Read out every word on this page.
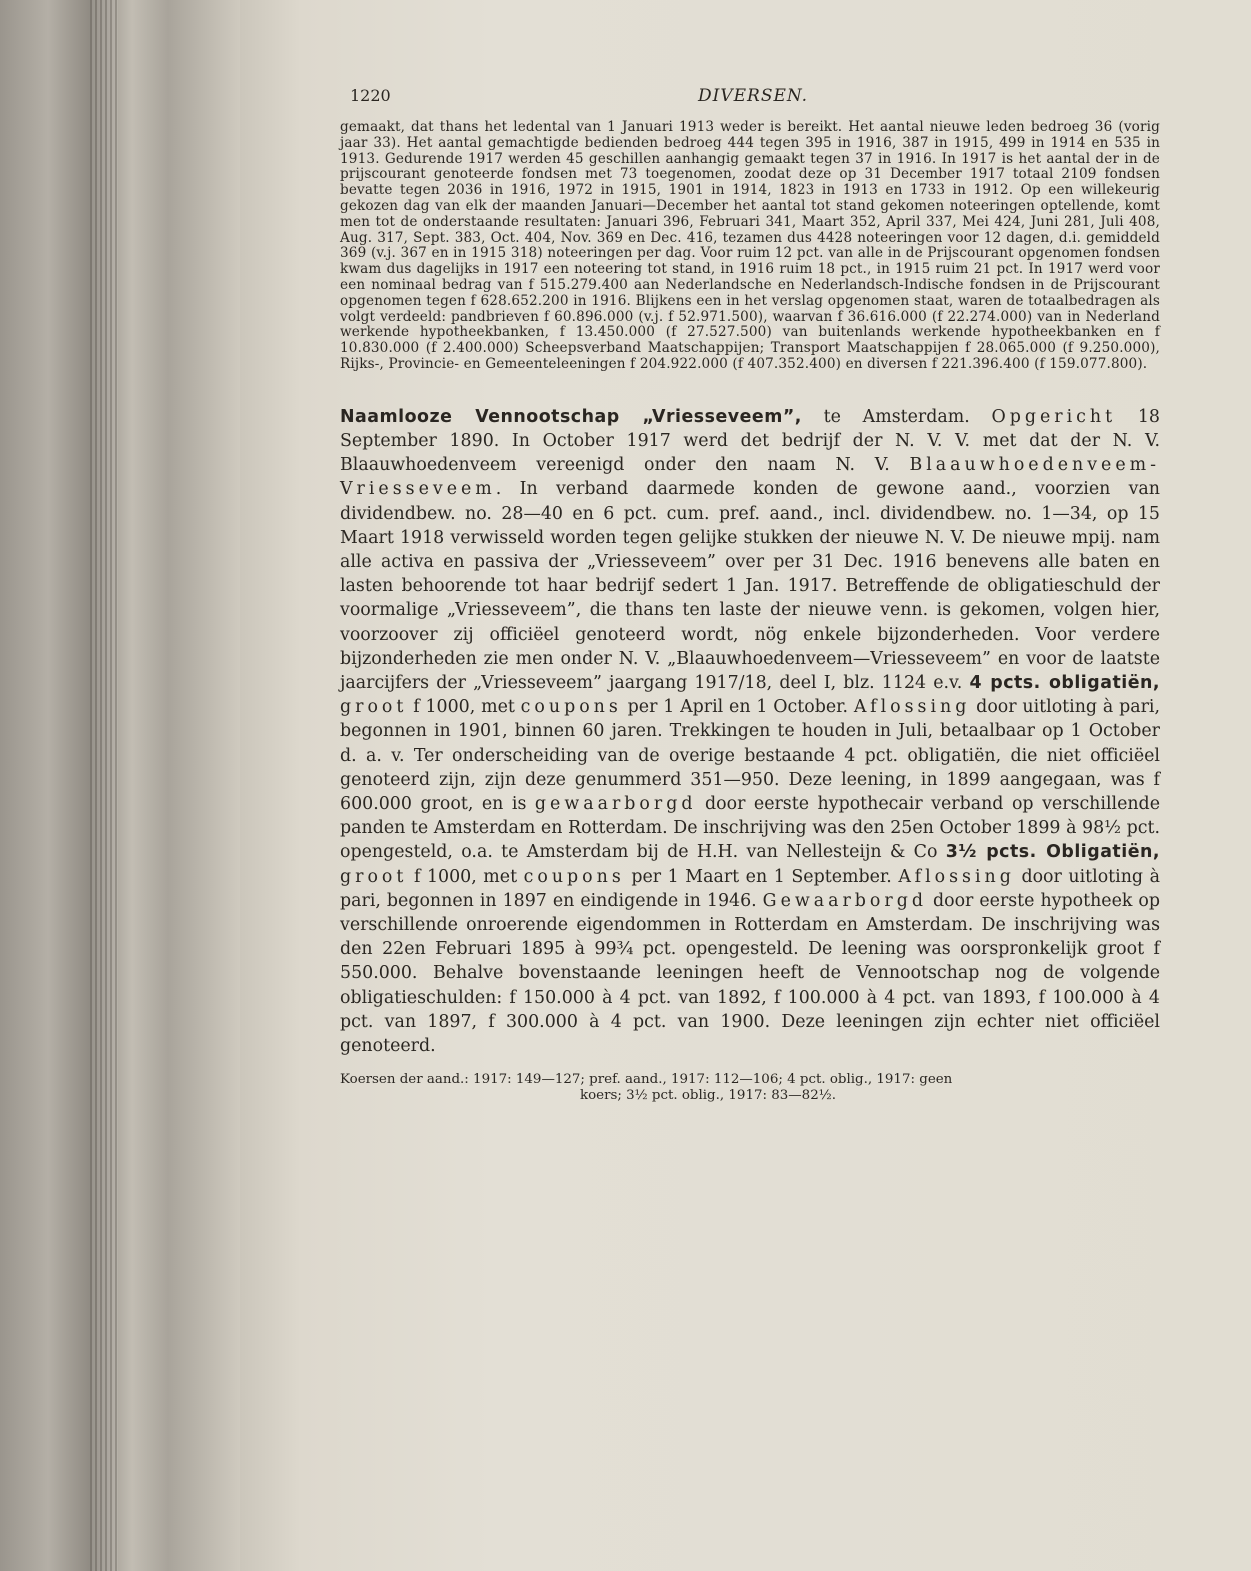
1220	DIVERSEN.

gemaakt, dat thans het ledental van 1 Januari 1913 weder is bereikt. Het aantal nieuwe leden bedroeg 36 (vorig jaar 33). Het aantal gemachtigde bedienden bedroeg 444 tegen 395 in 1916, 387 in 1915, 499 in 1914 en 535 in 1913. Gedurende 1917 werden 45 geschillen aanhangig gemaakt tegen 37 in 1916. In 1917 is het aantal der in de prijscourant genoteerde fondsen met 73 toegenomen, zoodat deze op 31 December 1917 totaal 2109 fondsen bevatte tegen 2036 in 1916, 1972 in 1915, 1901 in 1914, 1823 in 1913 en 1733 in 1912. Op een willekeurig gekozen dag van elk der maanden Januari—December het aantal tot stand gekomen noteeringen optellende, komt men tot de onderstaande resultaten: Januari 396, Februari 341, Maart 352, April 337, Mei 424, Juni 281, Juli 408, Aug. 317, Sept. 383, Oct. 404, Nov. 369 en Dec. 416, tezamen dus 4428 noteeringen voor 12 dagen, d.i. gemiddeld 369 (v.j. 367 en in 1915 318) noteeringen per dag. Voor ruim 12 pct. van alle in de Prijscourant opgenomen fondsen kwam dus dagelijks in 1917 een noteering tot stand, in 1916 ruim 18 pct., in 1915 ruim 21 pct. In 1917 werd voor een nominaal bedrag van f 515.279.400 aan Nederlandsche en Nederlandsch-Indische fondsen in de Prijscourant opgenomen tegen f 628.652.200 in 1916. Blijkens een in het verslag opgenomen staat, waren de totaalbedragen als volgt verdeeld: pandbrieven f 60.896.000 (v.j. f 52.971.500), waarvan f 36.616.000 (f 22.274.000) van in Nederland werkende hypotheekbanken, f 13.450.000 (f 27.527.500) van buitenlands werkende hypotheekbanken en f 10.830.000 (f 2.400.000) Scheepsverband Maatschappijen; Transport Maatschappijen f 28.065.000 (f 9.250.000), Rijks-, Provincie- en Gemeenteleeningen f 204.922.000 (f 407.352.400) en diversen f 221.396.400 (f 159.077.800).

Naamlooze Vennootschap „Vriesseveem”, te Amsterdam. Opgericht 18 September 1890. In October 1917 werd det bedrijf der N. V. V. met dat der N. V. Blaauwhoedenveem vereenigd onder den naam N. V. Blaauwhoedenveem-Vriesseveem. In verband daarmede konden de gewone aand., voorzien van dividendbew. no. 28—40 en 6 pct. cum. pref. aand., incl. dividendbew. no. 1—34, op 15 Maart 1918 verwisseld worden tegen gelijke stukken der nieuwe N. V. De nieuwe mpij. nam alle activa en passiva der „Vriesseveem” over per 31 Dec. 1916 benevens alle baten en lasten behoorende tot haar bedrijf sedert 1 Jan. 1917. Betreffende de obligatieschuld der voormalige „Vriesseveem”, die thans ten laste der nieuwe venn. is gekomen, volgen hier, voorzoover zij officiëel genoteerd wordt, nög enkele bijzonderheden. Voor verdere bijzonderheden zie men onder N. V. „Blaauwhoedenveem—Vriesseveem” en voor de laatste jaarcijfers der „Vriesseveem” jaargang 1917/18, deel I, blz. 1124 e.v. 4 pcts. obligatiën, groot f 1000, met coupons per 1 April en 1 October. Aflossing door uitloting à pari, begonnen in 1901, binnen 60 jaren. Trekkingen te houden in Juli, betaalbaar op 1 October d. a. v. Ter onderscheiding van de overige bestaande 4 pct. obligatiën, die niet officiëel genoteerd zijn, zijn deze genummerd 351—950. Deze leening, in 1899 aangegaan, was f 600.000 groot, en is gewaarborgd door eerste hypothecair verband op verschillende panden te Amsterdam en Rotterdam. De inschrijving was den 25en October 1899 à 98½ pct. opengesteld, o.a. te Amsterdam bij de H.H. van Nellesteijn & Co 3½ pcts. Obligatiën, groot f 1000, met coupons per 1 Maart en 1 September. Aflossing door uitloting à pari, begonnen in 1897 en eindigende in 1946. Gewaarborgd door eerste hypotheek op verschillende onroerende eigendommen in Rotterdam en Amsterdam. De inschrijving was den 22en Februari 1895 à 99¾ pct. opengesteld. De leening was oorspronkelijk groot f 550.000. Behalve bovenstaande leeningen heeft de Vennootschap nog de volgende obligatieschulden: f 150.000 à 4 pct. van 1892, f 100.000 à 4 pct. van 1893, f 100.000 à 4 pct. van 1897, f 300.000 à 4 pct. van 1900. Deze leeningen zijn echter niet officiëel genoteerd.

Koersen der aand.: 1917: 149—127; pref. aand., 1917: 112—106; 4 pct. oblig., 1917: geen
koers; 3½ pct. oblig., 1917: 83—82½.
